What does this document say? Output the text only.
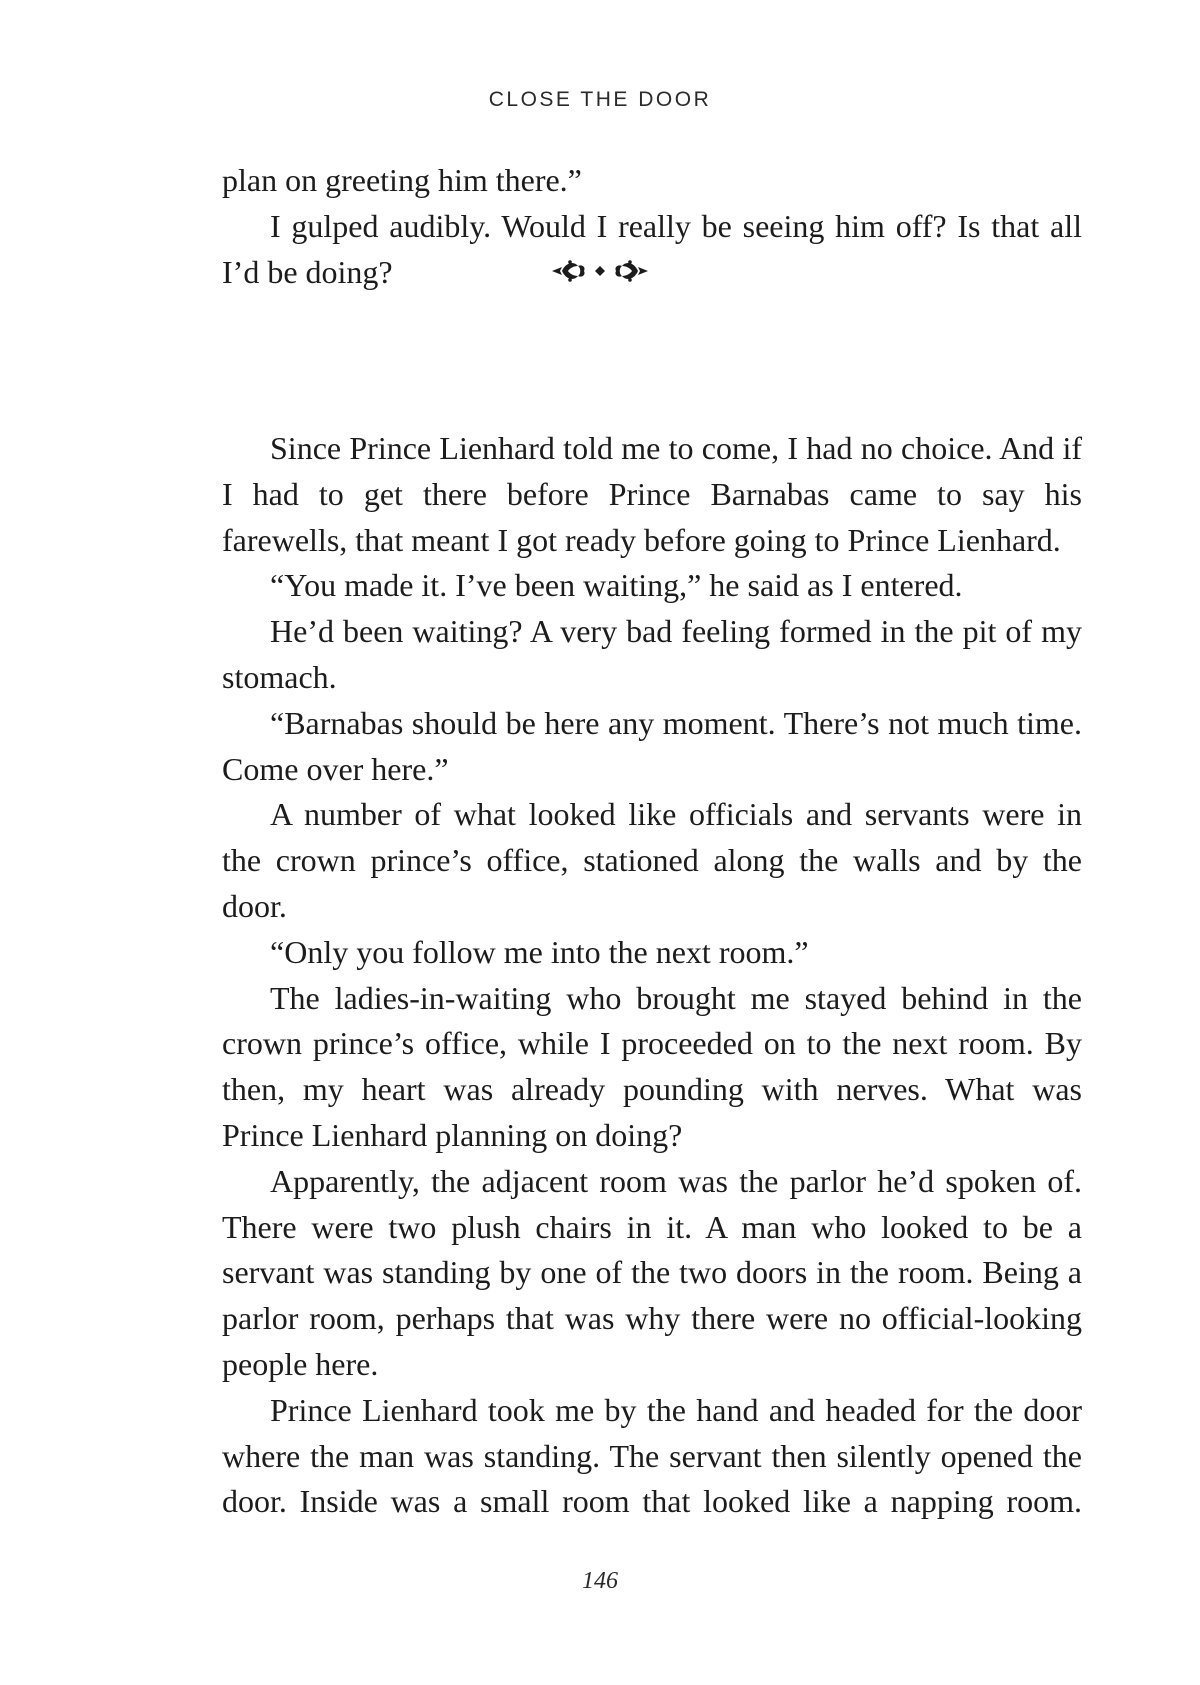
CLOSE THE DOOR

plan on greeting him there.”

I gulped audibly. Would I really be seeing him off? Is that all I’d be doing?

Since Prince Lienhard told me to come, I had no choice. And if I had to get there before Prince Barnabas came to say his farewells, that meant I got ready before going to Prince Lienhard.

“You made it. I’ve been waiting,” he said as I entered.

He’d been waiting? A very bad feeling formed in the pit of my stomach.

“Barnabas should be here any moment. There’s not much time. Come over here.”

A number of what looked like officials and servants were in the crown prince’s office, stationed along the walls and by the door.

“Only you follow me into the next room.”

The ladies-in-waiting who brought me stayed behind in the crown prince’s office, while I proceeded on to the next room. By then, my heart was already pounding with nerves. What was Prince Lienhard planning on doing?

Apparently, the adjacent room was the parlor he’d spoken of. There were two plush chairs in it. A man who looked to be a servant was standing by one of the two doors in the room. Being a parlor room, perhaps that was why there were no official-looking people here.

Prince Lienhard took me by the hand and headed for the door where the man was standing. The servant then silently opened the door. Inside was a small room that looked like a napping room.

146
